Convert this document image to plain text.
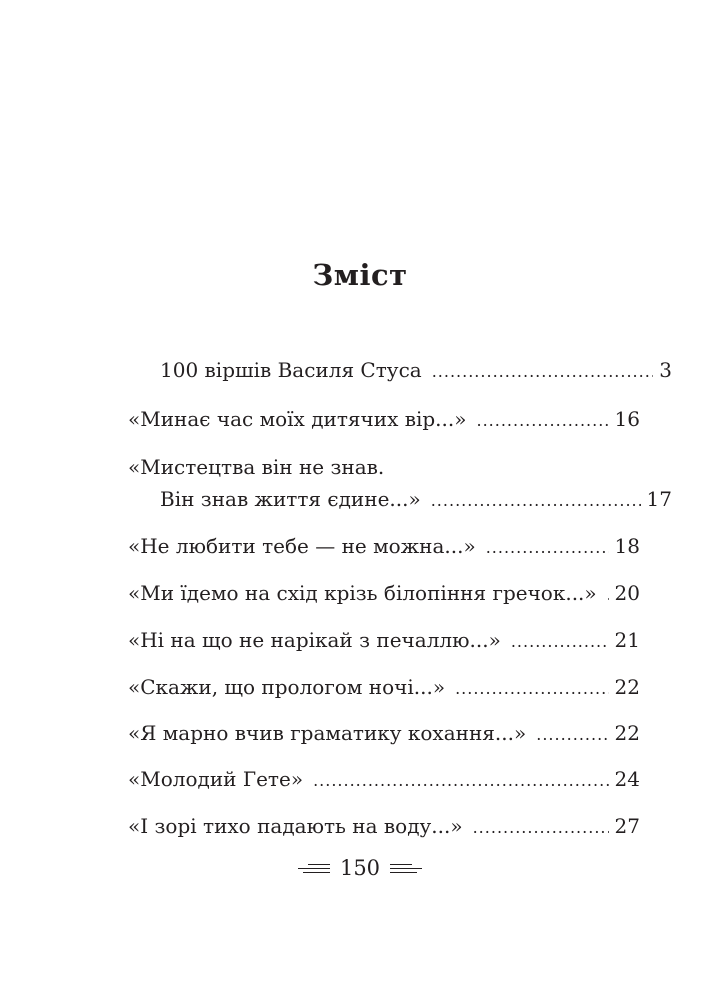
Зміст
100 віршів Василя Стуса .....	3
«Минає час моїх дитячих вір...» .....	16
«Мистецтва він не знав.
Він знав життя єдине...» .....	17
«Не любити тебе — не можна...» .....	18
«Ми їдемо на схід крізь білопіння гречок...» ..... 20
«Ні на що не нарікай з печаллю...» .....	21
«Скажи, що прологом ночі...» .....	22
«Я марно вчив граматику кохання...» .....	22
«Молодий Гете» .....	24
«І зорі тихо падають на воду...» .....	27
150
